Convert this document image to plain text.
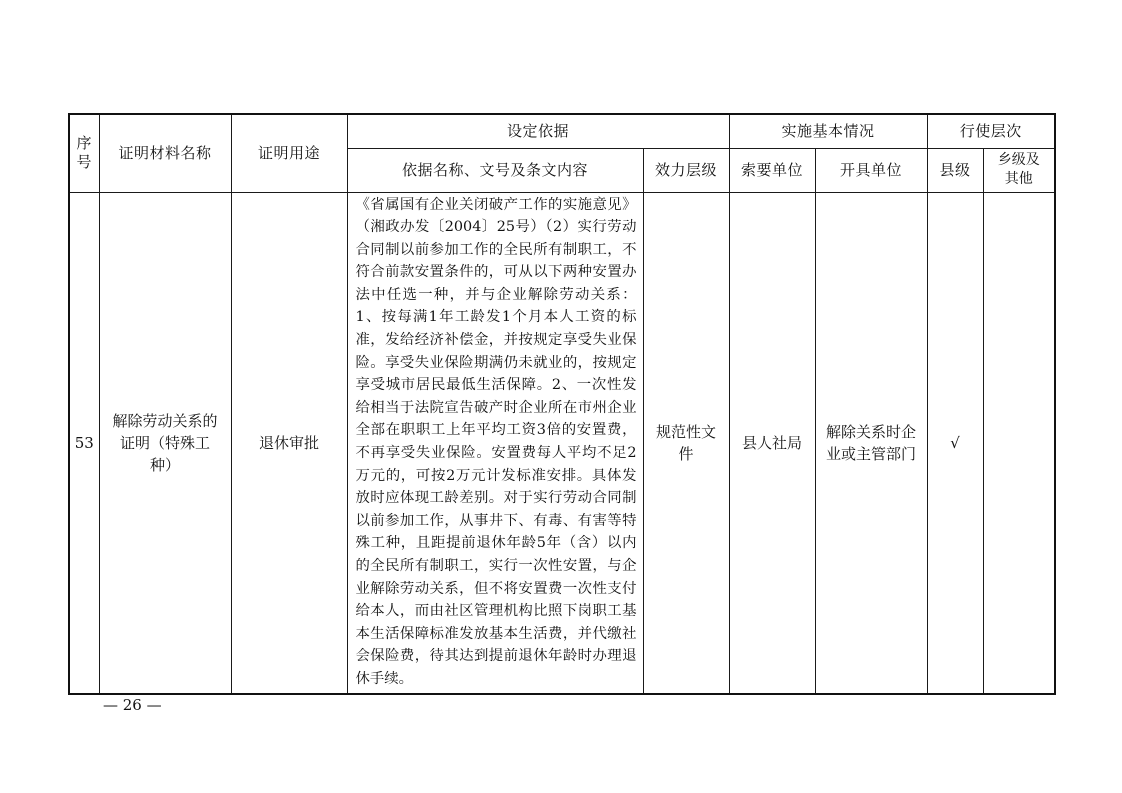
序号	证明材料名称	证明用途	设定依据		实施基本情况		行使层次	
			依据名称、文号及条文内容	效力层级	索要单位	开具单位	县级	乡级及其他
53	解除劳动关系的证明（特殊工种）	退休审批	《省属国有企业关闭破产工作的实施意见》（湘政办发〔2004〕25号）（2）实行劳动合同制以前参加工作的全民所有制职工，不符合前款安置条件的，可从以下两种安置办法中任选一种，并与企业解除劳动关系：1、按每满1年工龄发1个月本人工资的标准，发给经济补偿金，并按规定享受失业保险。享受失业保险期满仍未就业的，按规定享受城市居民最低生活保障。2、一次性发给相当于法院宣告破产时企业所在市州企业全部在职职工上年平均工资3倍的安置费，不再享受失业保险。安置费每人平均不足2万元的，可按2万元计发标准安排。具体发放时应体现工龄差别。对于实行劳动合同制以前参加工作，从事井下、有毒、有害等特殊工种，且距提前退休年龄5年（含）以内的全民所有制职工，实行一次性安置，与企业解除劳动关系，但不将安置费一次性支付给本人，而由社区管理机构比照下岗职工基本生活保障标准发放基本生活费，并代缴社会保险费，待其达到提前退休年龄时办理退休手续。	规范性文件	县人社局	解除关系时企业或主管部门	√	
— 26 —
